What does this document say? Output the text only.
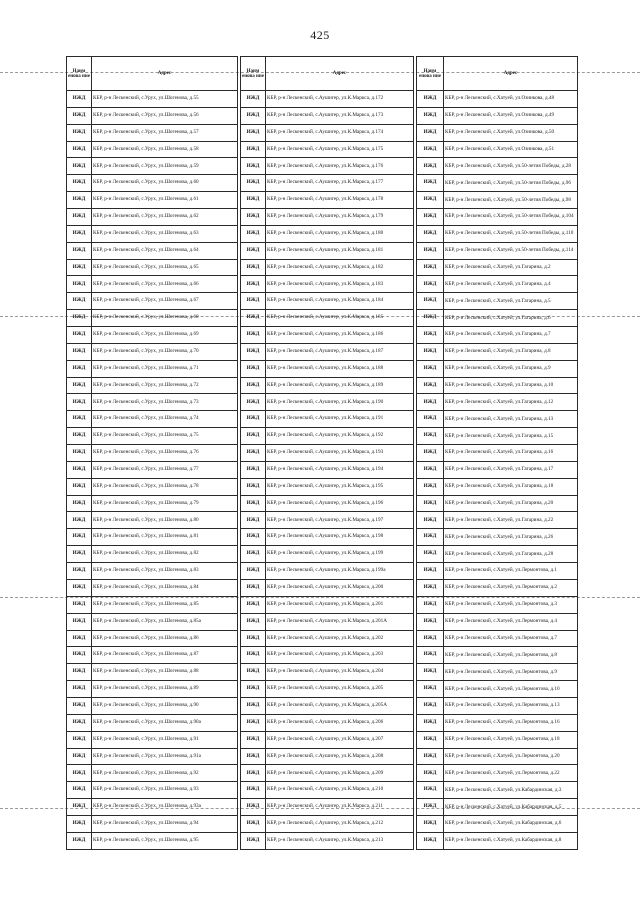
425
Наим енова ние	Адрес
ИЖД	КБР, р-н Лескенский, с.Урух, ул.Шогенова, д.55
ИЖД	КБР, р-н Лескенский, с.Урух, ул.Шогенова, д.56
ИЖД	КБР, р-н Лескенский, с.Урух, ул.Шогенова, д.57
ИЖД	КБР, р-н Лескенский, с.Урух, ул.Шогенова, д.58
ИЖД	КБР, р-н Лескенский, с.Урух, ул.Шогенова, д.59
ИЖД	КБР, р-н Лескенский, с.Урух, ул.Шогенова, д.60
ИЖД	КБР, р-н Лескенский, с.Урух, ул.Шогенова, д.61
ИЖД	КБР, р-н Лескенский, с.Урух, ул.Шогенова, д.62
ИЖД	КБР, р-н Лескенский, с.Урух, ул.Шогенова, д.63
ИЖД	КБР, р-н Лескенский, с.Урух, ул.Шогенова, д.64
ИЖД	КБР, р-н Лескенский, с.Урух, ул.Шогенова, д.65
ИЖД	КБР, р-н Лескенский, с.Урух, ул.Шогенова, д.66
ИЖД	КБР, р-н Лескенский, с.Урух, ул.Шогенова, д.67
ИЖД	КБР, р-н Лескенский, с.Урух, ул.Шогенова, д.68
ИЖД	КБР, р-н Лескенский, с.Урух, ул.Шогенова, д.69
ИЖД	КБР, р-н Лескенский, с.Урух, ул.Шогенова, д.70
ИЖД	КБР, р-н Лескенский, с.Урух, ул.Шогенова, д.71
ИЖД	КБР, р-н Лескенский, с.Урух, ул.Шогенова, д.72
ИЖД	КБР, р-н Лескенский, с.Урух, ул.Шогенова, д.73
ИЖД	КБР, р-н Лескенский, с.Урух, ул.Шогенова, д.74
ИЖД	КБР, р-н Лескенский, с.Урух, ул.Шогенова, д.75
ИЖД	КБР, р-н Лескенский, с.Урух, ул.Шогенова, д.76
ИЖД	КБР, р-н Лескенский, с.Урух, ул.Шогенова, д.77
ИЖД	КБР, р-н Лескенский, с.Урух, ул.Шогенова, д.78
ИЖД	КБР, р-н Лескенский, с.Урух, ул.Шогенова, д.79
ИЖД	КБР, р-н Лескенский, с.Урух, ул.Шогенова, д.80
ИЖД	КБР, р-н Лескенский, с.Урух, ул.Шогенова, д.81
ИЖД	КБР, р-н Лескенский, с.Урух, ул.Шогенова, д.82
ИЖД	КБР, р-н Лескенский, с.Урух, ул.Шогенова, д.83
ИЖД	КБР, р-н Лескенский, с.Урух, ул.Шогенова, д.84
ИЖД	КБР, р-н Лескенский, с.Урух, ул.Шогенова, д.85
ИЖД	КБР, р-н Лескенский, с.Урух, ул.Шогенова, д.85а
ИЖД	КБР, р-н Лескенский, с.Урух, ул.Шогенова, д.86
ИЖД	КБР, р-н Лескенский, с.Урух, ул.Шогенова, д.87
ИЖД	КБР, р-н Лескенский, с.Урух, ул.Шогенова, д.88
ИЖД	КБР, р-н Лескенский, с.Урух, ул.Шогенова, д.89
ИЖД	КБР, р-н Лескенский, с.Урух, ул.Шогенова, д.90
ИЖД	КБР, р-н Лескенский, с.Урух, ул.Шогенова, д.90а
ИЖД	КБР, р-н Лескенский, с.Урух, ул.Шогенова, д.91
ИЖД	КБР, р-н Лескенский, с.Урух, ул.Шогенова, д.91а
ИЖД	КБР, р-н Лескенский, с.Урух, ул.Шогенова, д.92
ИЖД	КБР, р-н Лескенский, с.Урух, ул.Шогенова, д.93
ИЖД	КБР, р-н Лескенский, с.Урух, ул.Шогенова, д.93а
ИЖД	КБР, р-н Лескенский, с.Урух, ул.Шогенова, д.94
ИЖД	КБР, р-н Лескенский, с.Урух, ул.Шогенова, д.95
Наим енова ние	Адрес
ИЖД	КБР, р-н Лескенский, с.Аушигер, ул.К.Маркса, д.172
ИЖД	КБР, р-н Лескенский, с.Аушигер, ул.К.Маркса, д.173
ИЖД	КБР, р-н Лескенский, с.Аушигер, ул.К.Маркса, д.174
ИЖД	КБР, р-н Лескенский, с.Аушигер, ул.К.Маркса, д.175
ИЖД	КБР, р-н Лескенский, с.Аушигер, ул.К.Маркса, д.176
ИЖД	КБР, р-н Лескенский, с.Аушигер, ул.К.Маркса, д.177
ИЖД	КБР, р-н Лескенский, с.Аушигер, ул.К.Маркса, д.178
ИЖД	КБР, р-н Лескенский, с.Аушигер, ул.К.Маркса, д.179
ИЖД	КБР, р-н Лескенский, с.Аушигер, ул.К.Маркса, д.180
ИЖД	КБР, р-н Лескенский, с.Аушигер, ул.К.Маркса, д.181
ИЖД	КБР, р-н Лескенский, с.Аушигер, ул.К.Маркса, д.182
ИЖД	КБР, р-н Лескенский, с.Аушигер, ул.К.Маркса, д.183
ИЖД	КБР, р-н Лескенский, с.Аушигер, ул.К.Маркса, д.184
ИЖД	КБР, р-н Лескенский, с.Аушигер, ул.К.Маркса, д.185
ИЖД	КБР, р-н Лескенский, с.Аушигер, ул.К.Маркса, д.186
ИЖД	КБР, р-н Лескенский, с.Аушигер, ул.К.Маркса, д.187
ИЖД	КБР, р-н Лескенский, с.Аушигер, ул.К.Маркса, д.188
ИЖД	КБР, р-н Лескенский, с.Аушигер, ул.К.Маркса, д.189
ИЖД	КБР, р-н Лескенский, с.Аушигер, ул.К.Маркса, д.190
ИЖД	КБР, р-н Лескенский, с.Аушигер, ул.К.Маркса, д.191
ИЖД	КБР, р-н Лескенский, с.Аушигер, ул.К.Маркса, д.192
ИЖД	КБР, р-н Лескенский, с.Аушигер, ул.К.Маркса, д.193
ИЖД	КБР, р-н Лескенский, с.Аушигер, ул.К.Маркса, д.194
ИЖД	КБР, р-н Лескенский, с.Аушигер, ул.К.Маркса, д.195
ИЖД	КБР, р-н Лескенский, с.Аушигер, ул.К.Маркса, д.196
ИЖД	КБР, р-н Лескенский, с.Аушигер, ул.К.Маркса, д.197
ИЖД	КБР, р-н Лескенский, с.Аушигер, ул.К.Маркса, д.198
ИЖД	КБР, р-н Лескенский, с.Аушигер, ул.К.Маркса, д.199
ИЖД	КБР, р-н Лескенский, с.Аушигер, ул.К.Маркса, д.199а
ИЖД	КБР, р-н Лескенский, с.Аушигер, ул.К.Маркса, д.200
ИЖД	КБР, р-н Лескенский, с.Аушигер, ул.К.Маркса, д.201
ИЖД	КБР, р-н Лескенский, с.Аушигер, ул.К.Маркса, д.201А
ИЖД	КБР, р-н Лескенский, с.Аушигер, ул.К.Маркса, д.202
ИЖД	КБР, р-н Лескенский, с.Аушигер, ул.К.Маркса, д.203
ИЖД	КБР, р-н Лескенский, с.Аушигер, ул.К.Маркса, д.204
ИЖД	КБР, р-н Лескенский, с.Аушигер, ул.К.Маркса, д.205
ИЖД	КБР, р-н Лескенский, с.Аушигер, ул.К.Маркса, д.205А
ИЖД	КБР, р-н Лескенский, с.Аушигер, ул.К.Маркса, д.206
ИЖД	КБР, р-н Лескенский, с.Аушигер, ул.К.Маркса, д.207
ИЖД	КБР, р-н Лескенский, с.Аушигер, ул.К.Маркса, д.208
ИЖД	КБР, р-н Лескенский, с.Аушигер, ул.К.Маркса, д.209
ИЖД	КБР, р-н Лескенский, с.Аушигер, ул.К.Маркса, д.210
ИЖД	КБР, р-н Лескенский, с.Аушигер, ул.К.Маркса, д.211
ИЖД	КБР, р-н Лескенский, с.Аушигер, ул.К.Маркса, д.212
ИЖД	КБР, р-н Лескенский, с.Аушигер, ул.К.Маркса, д.213
Наим енова ние	Адрес
ИЖД	КБР, р-н Лескенский, с.Хатуей, ул.Озникова, д.48
ИЖД	КБР, р-н Лескенский, с.Хатуей, ул.Озникова, д.49
ИЖД	КБР, р-н Лескенский, с.Хатуей, ул.Озникова, д.50
ИЖД	КБР, р-н Лескенский, с.Хатуей, ул.Озникова, д.51
ИЖД	КБР, р-н Лескенский, с.Хатуей, ул.50-летия Победы, д.28
ИЖД	КБР, р-н Лескенский, с.Хатуей, ул.50-летия Победы, д.96
ИЖД	КБР, р-н Лескенский, с.Хатуей, ул.50-летия Победы, д.98
ИЖД	КБР, р-н Лескенский, с.Хатуей, ул.50-летия Победы, д.104
ИЖД	КБР, р-н Лескенский, с.Хатуей, ул.50-летия Победы, д.110
ИЖД	КБР, р-н Лескенский, с.Хатуей, ул.50-летия Победы, д.114
ИЖД	КБР, р-н Лескенский, с.Хатуей, ул.Гагарина, д.2
ИЖД	КБР, р-н Лескенский, с.Хатуей, ул.Гагарина, д.4
ИЖД	КБР, р-н Лескенский, с.Хатуей, ул.Гагарина, д.5
ИЖД	КБР, р-н Лескенский, с.Хатуей, ул.Гагарина, д.6
ИЖД	КБР, р-н Лескенский, с.Хатуей, ул.Гагарина, д.7
ИЖД	КБР, р-н Лескенский, с.Хатуей, ул.Гагарина, д.8
ИЖД	КБР, р-н Лескенский, с.Хатуей, ул.Гагарина, д.9
ИЖД	КБР, р-н Лескенский, с.Хатуей, ул.Гагарина, д.10
ИЖД	КБР, р-н Лескенский, с.Хатуей, ул.Гагарина, д.12
ИЖД	КБР, р-н Лескенский, с.Хатуей, ул.Гагарина, д.13
ИЖД	КБР, р-н Лескенский, с.Хатуей, ул.Гагарина, д.15
ИЖД	КБР, р-н Лескенский, с.Хатуей, ул.Гагарина, д.16
ИЖД	КБР, р-н Лескенский, с.Хатуей, ул.Гагарина, д.17
ИЖД	КБР, р-н Лескенский, с.Хатуей, ул.Гагарина, д.18
ИЖД	КБР, р-н Лескенский, с.Хатуей, ул.Гагарина, д.20
ИЖД	КБР, р-н Лескенский, с.Хатуей, ул.Гагарина, д.22
ИЖД	КБР, р-н Лескенский, с.Хатуей, ул.Гагарина, д.26
ИЖД	КБР, р-н Лескенский, с.Хатуей, ул.Гагарина, д.28
ИЖД	КБР, р-н Лескенский, с.Хатуей, ул.Лермонтова, д.1
ИЖД	КБР, р-н Лескенский, с.Хатуей, ул.Лермонтова, д.2
ИЖД	КБР, р-н Лескенский, с.Хатуей, ул.Лермонтова, д.3
ИЖД	КБР, р-н Лескенский, с.Хатуей, ул.Лермонтова, д.4
ИЖД	КБР, р-н Лескенский, с.Хатуей, ул.Лермонтова, д.7
ИЖД	КБР, р-н Лескенский, с.Хатуей, ул.Лермонтова, д.8
ИЖД	КБР, р-н Лескенский, с.Хатуей, ул.Лермонтова, д.9
ИЖД	КБР, р-н Лескенский, с.Хатуей, ул.Лермонтова, д.10
ИЖД	КБР, р-н Лескенский, с.Хатуей, ул.Лермонтова, д.13
ИЖД	КБР, р-н Лескенский, с.Хатуей, ул.Лермонтова, д.16
ИЖД	КБР, р-н Лескенский, с.Хатуей, ул.Лермонтова, д.18
ИЖД	КБР, р-н Лескенский, с.Хатуей, ул.Лермонтова, д.20
ИЖД	КБР, р-н Лескенский, с.Хатуей, ул.Лермонтова, д.22
ИЖД	КБР, р-н Лескенский, с.Хатуей, ул.Кабардинская, д.3
ИЖД	КБР, р-н Лескенский, с.Хатуей, ул.Кабардинская, д.5
ИЖД	КБР, р-н Лескенский, с.Хатуей, ул.Кабардинская, д.6
ИЖД	КБР, р-н Лескенский, с.Хатуей, ул.Кабардинская, д.8
